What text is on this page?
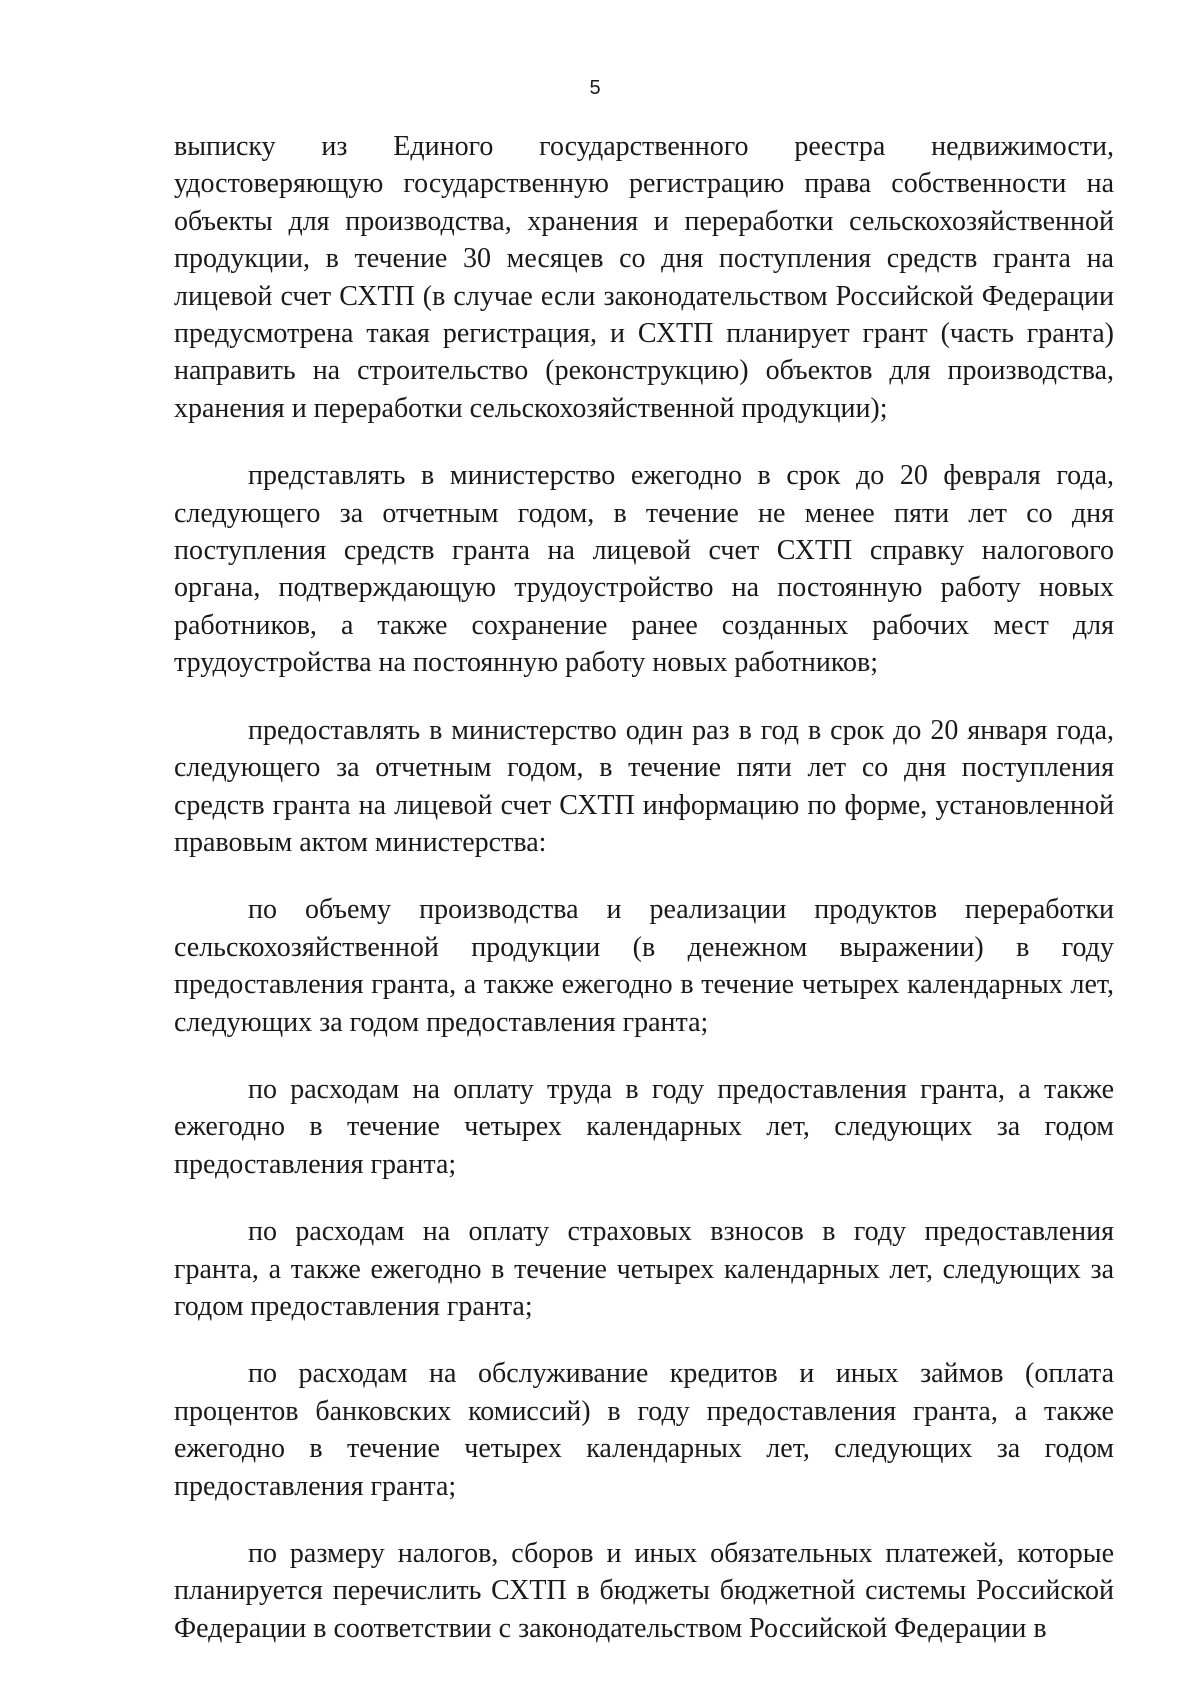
5

выписку из Единого государственного реестра недвижимости, удостоверяющую государственную регистрацию права собственности на объекты для производства, хранения и переработки сельскохозяйственной продукции, в течение 30 месяцев со дня поступления средств гранта на лицевой счет СХТП (в случае если законодательством Российской Федерации предусмотрена такая регистрация, и СХТП планирует грант (часть гранта) направить на строительство (реконструкцию) объектов для производства, хранения и переработки сельскохозяйственной продукции);

представлять в министерство ежегодно в срок до 20 февраля года, следующего за отчетным годом, в течение не менее пяти лет со дня поступления средств гранта на лицевой счет СХТП справку налогового органа, подтверждающую трудоустройство на постоянную работу новых работников, а также сохранение ранее созданных рабочих мест для трудоустройства на постоянную работу новых работников;

предоставлять в министерство один раз в год в срок до 20 января года, следующего за отчетным годом, в течение пяти лет со дня поступления средств гранта на лицевой счет СХТП информацию по форме, установленной правовым актом министерства:

по объему производства и реализации продуктов переработки сельскохозяйственной продукции (в денежном выражении) в году предоставления гранта, а также ежегодно в течение четырех календарных лет, следующих за годом предоставления гранта;

по расходам на оплату труда в году предоставления гранта, а также ежегодно в течение четырех календарных лет, следующих за годом предоставления гранта;

по расходам на оплату страховых взносов в году предоставления гранта, а также ежегодно в течение четырех календарных лет, следующих за годом предоставления гранта;

по расходам на обслуживание кредитов и иных займов (оплата процентов банковских комиссий) в году предоставления гранта, а также ежегодно в течение четырех календарных лет, следующих за годом предоставления гранта;

по размеру налогов, сборов и иных обязательных платежей, которые планируется перечислить СХТП в бюджеты бюджетной системы Российской Федерации в соответствии с законодательством Российской Федерации в
